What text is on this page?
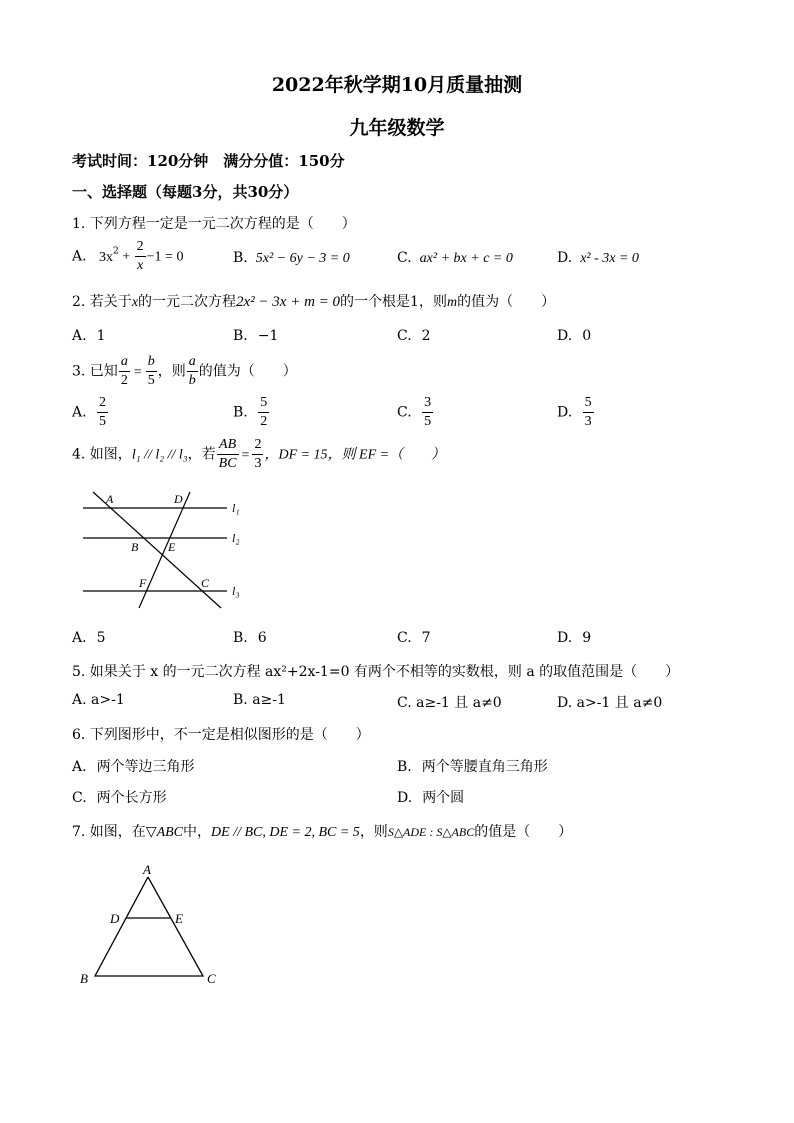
2022年秋学期10月质量抽测
九年级数学
考试时间：120分钟　满分分值：150分
一、选择题（每题3分，共30分）
1. 下列方程一定是一元二次方程的是（　　）
A. $3x^2 + \frac{2}{x} -1 = 0$	B. 5x² − 6y − 3 = 0	C. ax² + bx + c = 0	D. x² - 3x = 0
2. 若关于x的一元二次方程2x² − 3x + m = 0的一个根是1，则m的值为（　　）
A. 1	B. −1	C. 2	D. 0
3. 已知 $\frac{a}{2} = \frac{b}{5}$ ，则 $\frac{a}{b}$ 的值为（　　）
A. $\frac{2}{5}$	B. $\frac{5}{2}$	C. $\frac{3}{5}$	D. $\frac{5}{3}$
4. 如图，l₁ // l₂ // l₃，若 $\frac{AB}{BC} = \frac{2}{3}$ ，DF = 15，则 EF =（　　）
A	D
B E
F	C
l₁
l₂
l₃
A. 5	B. 6	C. 7	D. 9
5. 如果关于 x 的一元二次方程 ax²+2x-1=0 有两个不相等的实数根，则 a 的取值范围是（　　）
A. a>-1	B. a≥-1	C. a≥-1 且 a≠0	D. a>-1 且 a≠0
6. 下列图形中，不一定是相似图形的是（　　）
A. 两个等边三角形	B. 两个等腰直角三角形
C. 两个长方形	D. 两个圆
7. 如图，在▽ABC中，DE // BC, DE = 2, BC = 5，则S△ADE : S△ABC的值是（　　）
A
D	E
B	C
